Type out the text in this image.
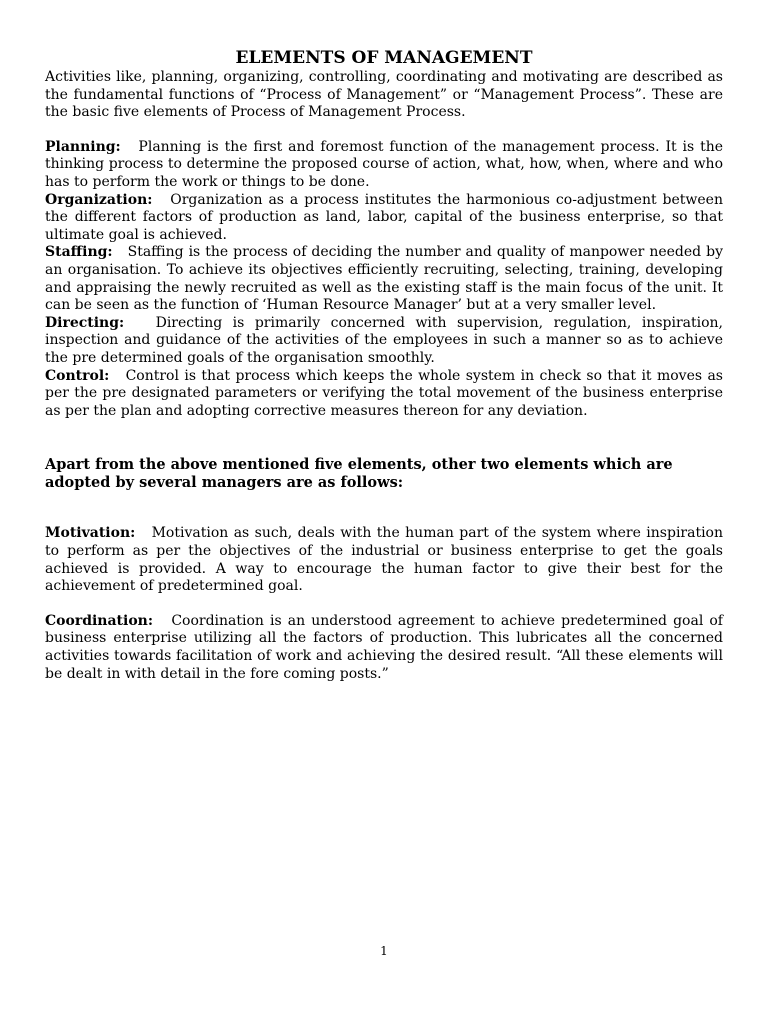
ELEMENTS OF MANAGEMENT

Activities like, planning, organizing, controlling, coordinating and motivating are described as the fundamental functions of “Process of Management” or “Management Process”. These are the basic five elements of Process of Management Process.

Planning: Planning is the first and foremost function of the management process. It is the thinking process to determine the proposed course of action, what, how, when, where and who has to perform the work or things to be done.

Organization: Organization as a process institutes the harmonious co-adjustment between the different factors of production as land, labor, capital of the business enterprise, so that ultimate goal is achieved.

Staffing: Staffing is the process of deciding the number and quality of manpower needed by an organisation. To achieve its objectives efficiently recruiting, selecting, training, developing and appraising the newly recruited as well as the existing staff is the main focus of the unit. It can be seen as the function of ‘Human Resource Manager’ but at a very smaller level.

Directing: Directing is primarily concerned with supervision, regulation, inspiration, inspection and guidance of the activities of the employees in such a manner so as to achieve the pre determined goals of the organisation smoothly.

Control: Control is that process which keeps the whole system in check so that it moves as per the pre designated parameters or verifying the total movement of the business enterprise as per the plan and adopting corrective measures thereon for any deviation.

Apart from the above mentioned five elements, other two elements which are adopted by several managers are as follows:

Motivation: Motivation as such, deals with the human part of the system where inspiration to perform as per the objectives of the industrial or business enterprise to get the goals achieved is provided. A way to encourage the human factor to give their best for the achievement of predetermined goal.

Coordination: Coordination is an understood agreement to achieve predetermined goal of business enterprise utilizing all the factors of production. This lubricates all the concerned activities towards facilitation of work and achieving the desired result. “All these elements will be dealt in with detail in the fore coming posts.”

1
